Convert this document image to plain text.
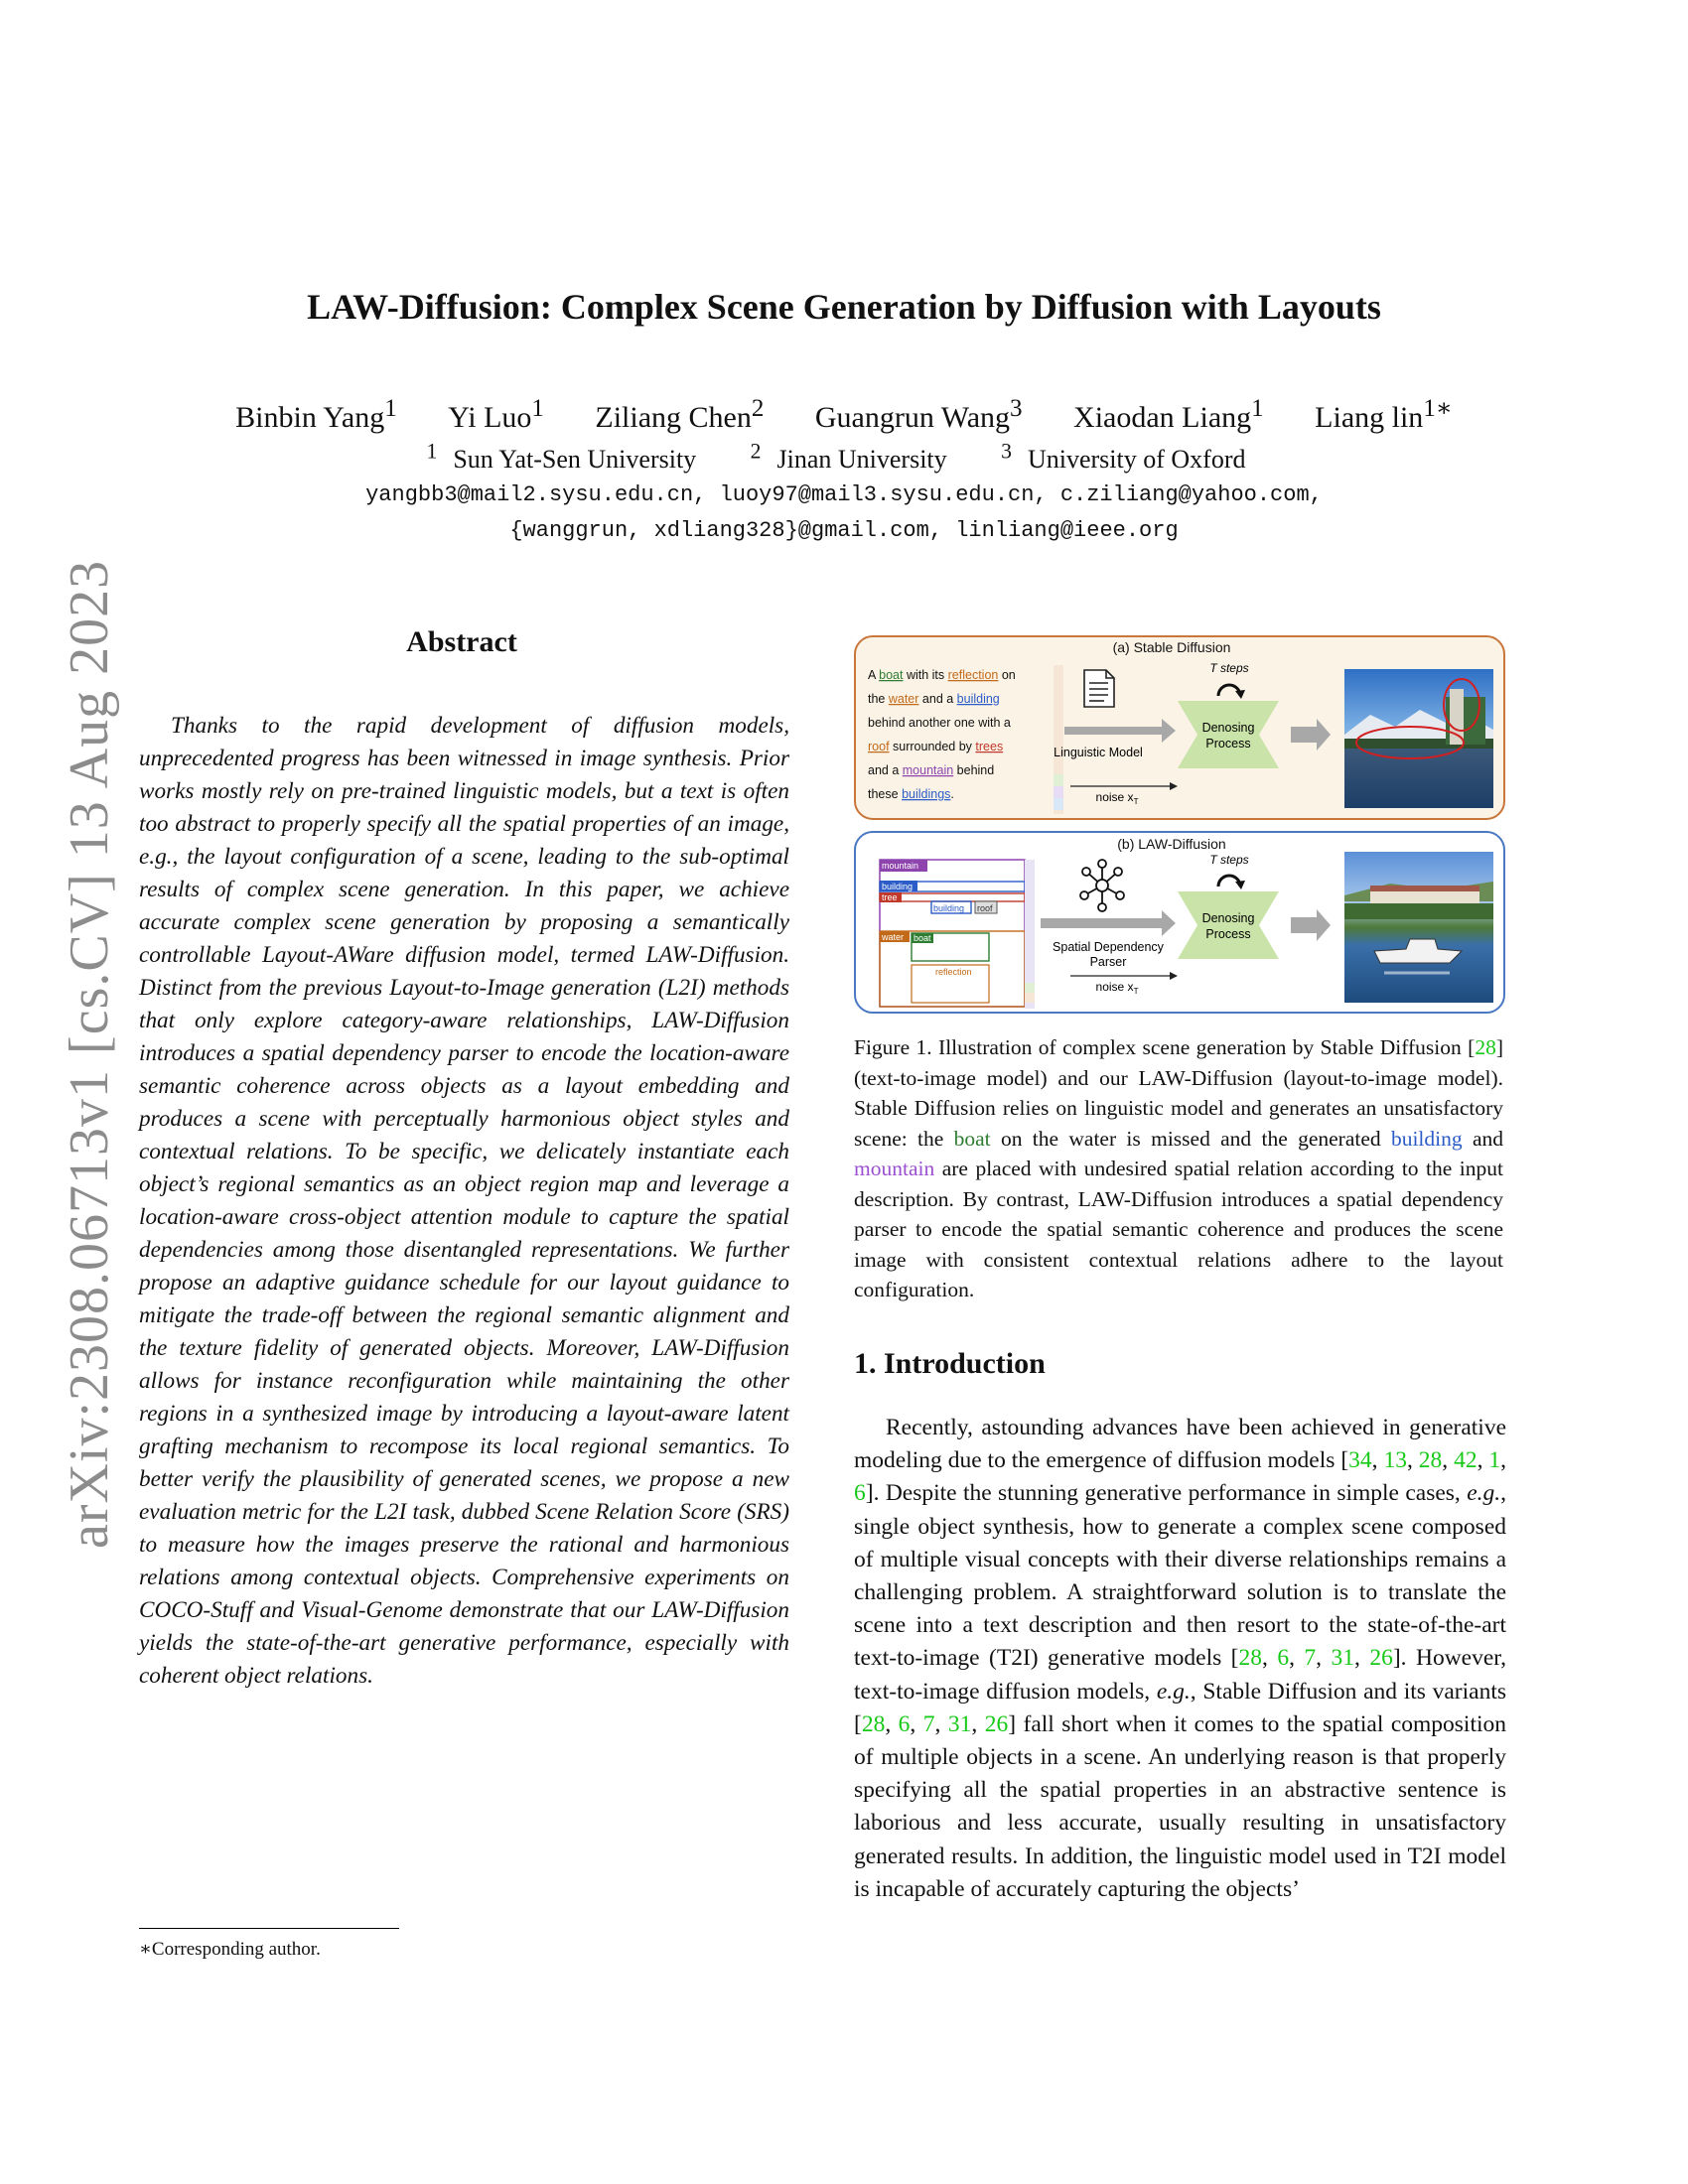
arXiv:2308.06713v1 [cs.CV] 13 Aug 2023
LAW-Diffusion: Complex Scene Generation by Diffusion with Layouts
Binbin Yang$^1$ Yi Luo$^1$ Ziliang Chen$^2$ Guangrun Wang$^3$ Xiaodan Liang$^1$ Liang lin$^{1∗}$
$^1$ Sun Yat-Sen University	$^2$ Jinan University	$^3$ University of Oxford
yangbb3@mail2.sysu.edu.cn, luoy97@mail3.sysu.edu.cn, c.ziliang@yahoo.com,
{wanggrun, xdliang328}@gmail.com, linliang@ieee.org
Abstract

Thanks to the rapid development of diffusion models, unprecedented progress has been witnessed in image synthesis. Prior works mostly rely on pre-trained linguistic models, but a text is often too abstract to properly specify all the spatial properties of an image, e.g., the layout configuration of a scene, leading to the sub-optimal results of complex scene generation. In this paper, we achieve accurate complex scene generation by proposing a semantically controllable Layout-AWare diffusion model, termed LAW-Diffusion. Distinct from the previous Layout-to-Image generation (L2I) methods that only explore category-aware relationships, LAW-Diffusion introduces a spatial dependency parser to encode the location-aware semantic coherence across objects as a layout embedding and produces a scene with perceptually harmonious object styles and contextual relations. To be specific, we delicately instantiate each object’s regional semantics as an object region map and leverage a location-aware cross-object attention module to capture the spatial dependencies among those disentangled representations. We further propose an adaptive guidance schedule for our layout guidance to mitigate the trade-off between the regional semantic alignment and the texture fidelity of generated objects. Moreover, LAW-Diffusion allows for instance reconfiguration while maintaining the other regions in a synthesized image by introducing a layout-aware latent grafting mechanism to recompose its local regional semantics. To better verify the plausibility of generated scenes, we propose a new evaluation metric for the L2I task, dubbed Scene Relation Score (SRS) to measure how the images preserve the rational and harmonious relations among contextual objects. Comprehensive experiments on COCO-Stuff and Visual-Genome demonstrate that our LAW-Diffusion yields the state-of-the-art generative performance, especially with coherent object relations.

∗Corresponding author.
(a) Stable Diffusion
A boat with its reflection on
the water and a building
behind another one with a
roof surrounded by trees
and a mountain behind
these buildings.
Linguistic Model
noise $x_T$
T steps
Denosing
Process
(b) LAW-Diffusion
mountain
building
tree
building roof
water boat
reflection
Spatial Dependency
Parser
noise $x_T$
T steps
Denosing
Process

Figure 1. Illustration of complex scene generation by Stable Diffusion [28] (text-to-image model) and our LAW-Diffusion (layout-to-image model). Stable Diffusion relies on linguistic model and generates an unsatisfactory scene: the boat on the water is missed and the generated building and mountain are placed with undesired spatial relation according to the input description. By contrast, LAW-Diffusion introduces a spatial dependency parser to encode the spatial semantic coherence and produces the scene image with consistent contextual relations adhere to the layout configuration.

1. Introduction

Recently, astounding advances have been achieved in generative modeling due to the emergence of diffusion models [34, 13, 28, 42, 1, 6]. Despite the stunning generative performance in simple cases, e.g., single object synthesis, how to generate a complex scene composed of multiple visual concepts with their diverse relationships remains a challenging problem. A straightforward solution is to translate the scene into a text description and then resort to the state-of-the-art text-to-image (T2I) generative models [28, 6, 7, 31, 26]. However, text-to-image diffusion models, e.g., Stable Diffusion and its variants [28, 6, 7, 31, 26] fall short when it comes to the spatial composition of multiple objects in a scene. An underlying reason is that properly specifying all the spatial properties in an abstractive sentence is laborious and less accurate, usually resulting in unsatisfactory generated results. In addition, the linguistic model used in T2I model is incapable of accurately capturing the objects’
